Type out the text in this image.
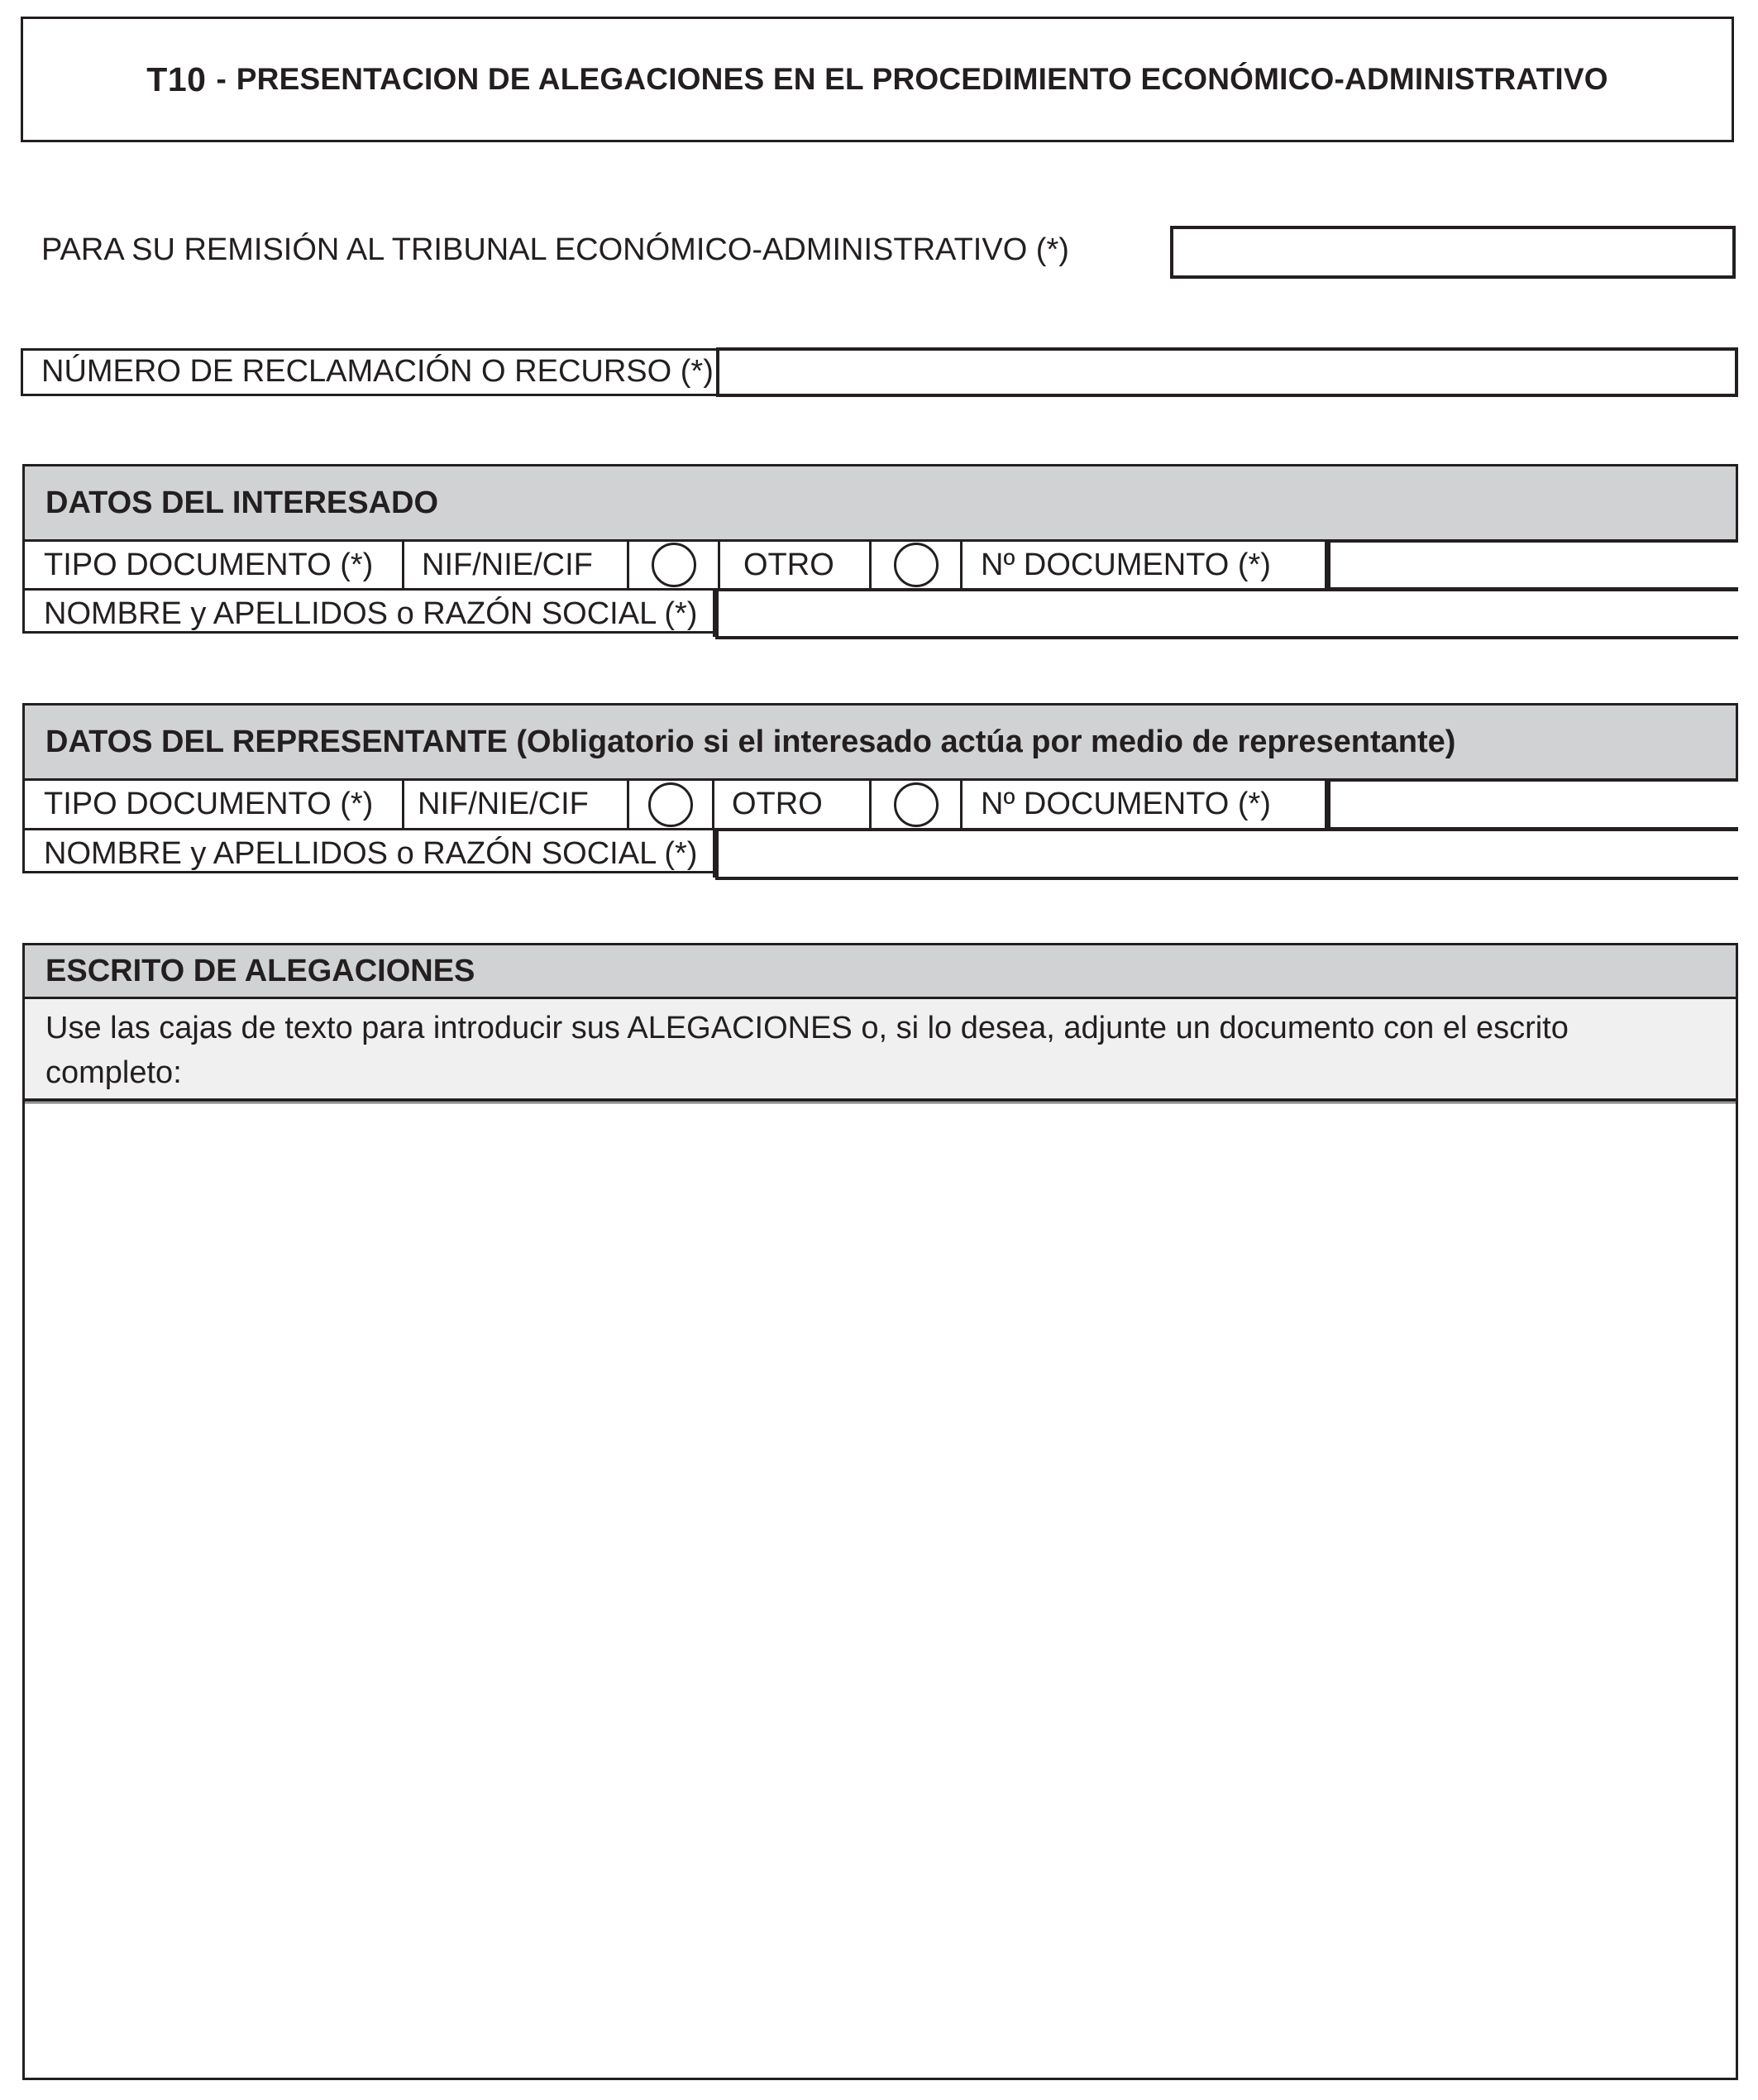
T10 - PRESENTACION DE ALEGACIONES EN EL PROCEDIMIENTO ECONÓMICO-ADMINISTRATIVO
PARA SU REMISIÓN AL TRIBUNAL ECONÓMICO-ADMINISTRATIVO (*)
NÚMERO DE RECLAMACIÓN O RECURSO (*)
DATOS DEL INTERESADO
TIPO DOCUMENTO (*)	NIF/NIE/CIF	OTRO	Nº DOCUMENTO (*)
NOMBRE y APELLIDOS o RAZÓN SOCIAL (*)
DATOS DEL REPRESENTANTE (Obligatorio si el interesado actúa por medio de representante)
TIPO DOCUMENTO (*)	NIF/NIE/CIF	OTRO	Nº DOCUMENTO (*)
NOMBRE y APELLIDOS o RAZÓN SOCIAL (*)
ESCRITO DE ALEGACIONES
Use las cajas de texto para introducir sus ALEGACIONES o, si lo desea, adjunte un documento con el escrito
completo:
